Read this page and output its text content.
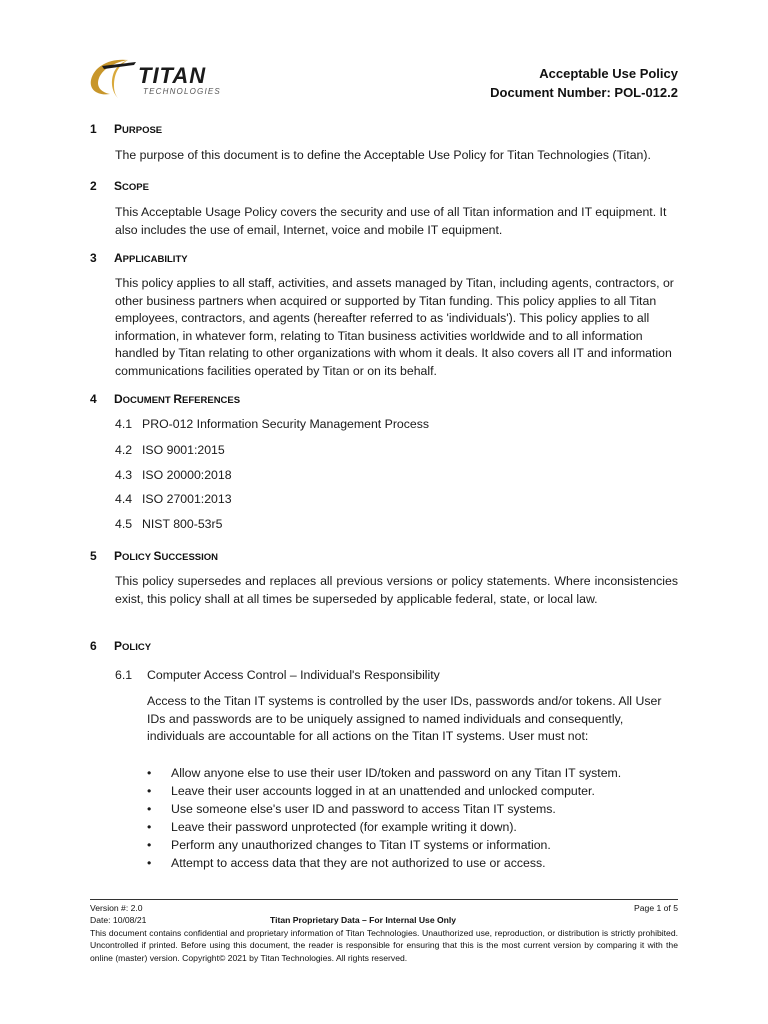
TITAN
TECHNOLOGIES
Acceptable Use Policy
Document Number: POL-012.2
1 PURPOSE
The purpose of this document is to define the Acceptable Use Policy for Titan Technologies (Titan).
2 SCOPE
This Acceptable Usage Policy covers the security and use of all Titan information and IT equipment. It also includes the use of email, Internet, voice and mobile IT equipment.
3 APPLICABILITY
This policy applies to all staff, activities, and assets managed by Titan, including agents, contractors, or other business partners when acquired or supported by Titan funding. This policy applies to all Titan employees, contractors, and agents (hereafter referred to as 'individuals'). This policy applies to all information, in whatever form, relating to Titan business activities worldwide and to all information handled by Titan relating to other organizations with whom it deals. It also covers all IT and information communications facilities operated by Titan or on its behalf.
4 DOCUMENT REFERENCES
4.1 PRO-012 Information Security Management Process
4.2 ISO 9001:2015
4.3 ISO 20000:2018
4.4 ISO 27001:2013
4.5 NIST 800-53r5
5 POLICY SUCCESSION
This policy supersedes and replaces all previous versions or policy statements. Where inconsistencies exist, this policy shall at all times be superseded by applicable federal, state, or local law.
6 POLICY
6.1 Computer Access Control – Individual's Responsibility
Access to the Titan IT systems is controlled by the user IDs, passwords and/or tokens. All User IDs and passwords are to be uniquely assigned to named individuals and consequently, individuals are accountable for all actions on the Titan IT systems. User must not:
• Allow anyone else to use their user ID/token and password on any Titan IT system.
• Leave their user accounts logged in at an unattended and unlocked computer.
• Use someone else's user ID and password to access Titan IT systems.
• Leave their password unprotected (for example writing it down).
• Perform any unauthorized changes to Titan IT systems or information.
• Attempt to access data that they are not authorized to use or access.
Version #: 2.0	Page 1 of 5
Date: 10/08/21	Titan Proprietary Data – For Internal Use Only
This document contains confidential and proprietary information of Titan Technologies. Unauthorized use, reproduction, or distribution is strictly prohibited. Uncontrolled if printed. Before using this document, the reader is responsible for ensuring that this is the most current version by comparing it with the online (master) version. Copyright© 2021 by Titan Technologies. All rights reserved.
